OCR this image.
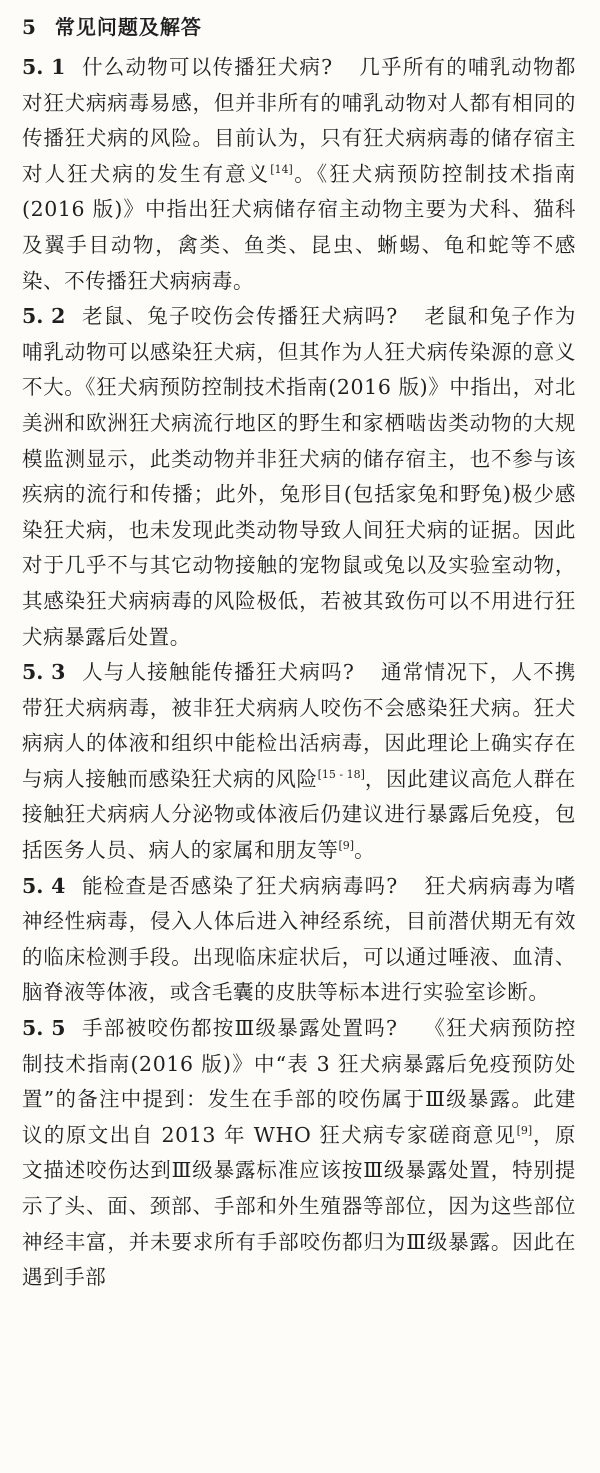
5 常见问题及解答
5. 1 什么动物可以传播狂犬病? 几乎所有的哺乳动物都对狂犬病病毒易感，但并非所有的哺乳动物对人都有相同的传播狂犬病的风险。目前认为，只有狂犬病病毒的储存宿主对人狂犬病的发生有意义[14]。《狂犬病预防控制技术指南(2016 版)》中指出狂犬病储存宿主动物主要为犬科、猫科及翼手目动物，禽类、鱼类、昆虫、蜥蜴、龟和蛇等不感染、不传播狂犬病病毒。
5. 2 老鼠、兔子咬伤会传播狂犬病吗? 老鼠和兔子作为哺乳动物可以感染狂犬病，但其作为人狂犬病传染源的意义不大。《狂犬病预防控制技术指南(2016 版)》中指出，对北美洲和欧洲狂犬病流行地区的野生和家栖啮齿类动物的大规模监测显示，此类动物并非狂犬病的储存宿主，也不参与该疾病的流行和传播；此外，兔形目(包括家兔和野兔)极少感染狂犬病，也未发现此类动物导致人间狂犬病的证据。因此对于几乎不与其它动物接触的宠物鼠或兔以及实验室动物，其感染狂犬病病毒的风险极低，若被其致伤可以不用进行狂犬病暴露后处置。
5. 3 人与人接触能传播狂犬病吗? 通常情况下，人不携带狂犬病病毒，被非狂犬病病人咬伤不会感染狂犬病。狂犬病病人的体液和组织中能检出活病毒，因此理论上确实存在与病人接触而感染狂犬病的风险[15 - 18]，因此建议高危人群在接触狂犬病病人分泌物或体液后仍建议进行暴露后免疫，包括医务人员、病人的家属和朋友等[9]。
5. 4 能检查是否感染了狂犬病病毒吗? 狂犬病病毒为嗜神经性病毒，侵入人体后进入神经系统，目前潜伏期无有效的临床检测手段。出现临床症状后，可以通过唾液、血清、脑脊液等体液，或含毛囊的皮肤等标本进行实验室诊断。
5. 5 手部被咬伤都按Ⅲ级暴露处置吗? 《狂犬病预防控制技术指南(2016 版)》中“表 3 狂犬病暴露后免疫预防处置”的备注中提到：发生在手部的咬伤属于Ⅲ级暴露。此建议的原文出自 2013 年 WHO 狂犬病专家磋商意见[9]，原文描述咬伤达到Ⅲ级暴露标准应该按Ⅲ级暴露处置，特别提示了头、面、颈部、手部和外生殖器等部位，因为这些部位神经丰富，并未要求所有手部咬伤都归为Ⅲ级暴露。因此在遇到手部
